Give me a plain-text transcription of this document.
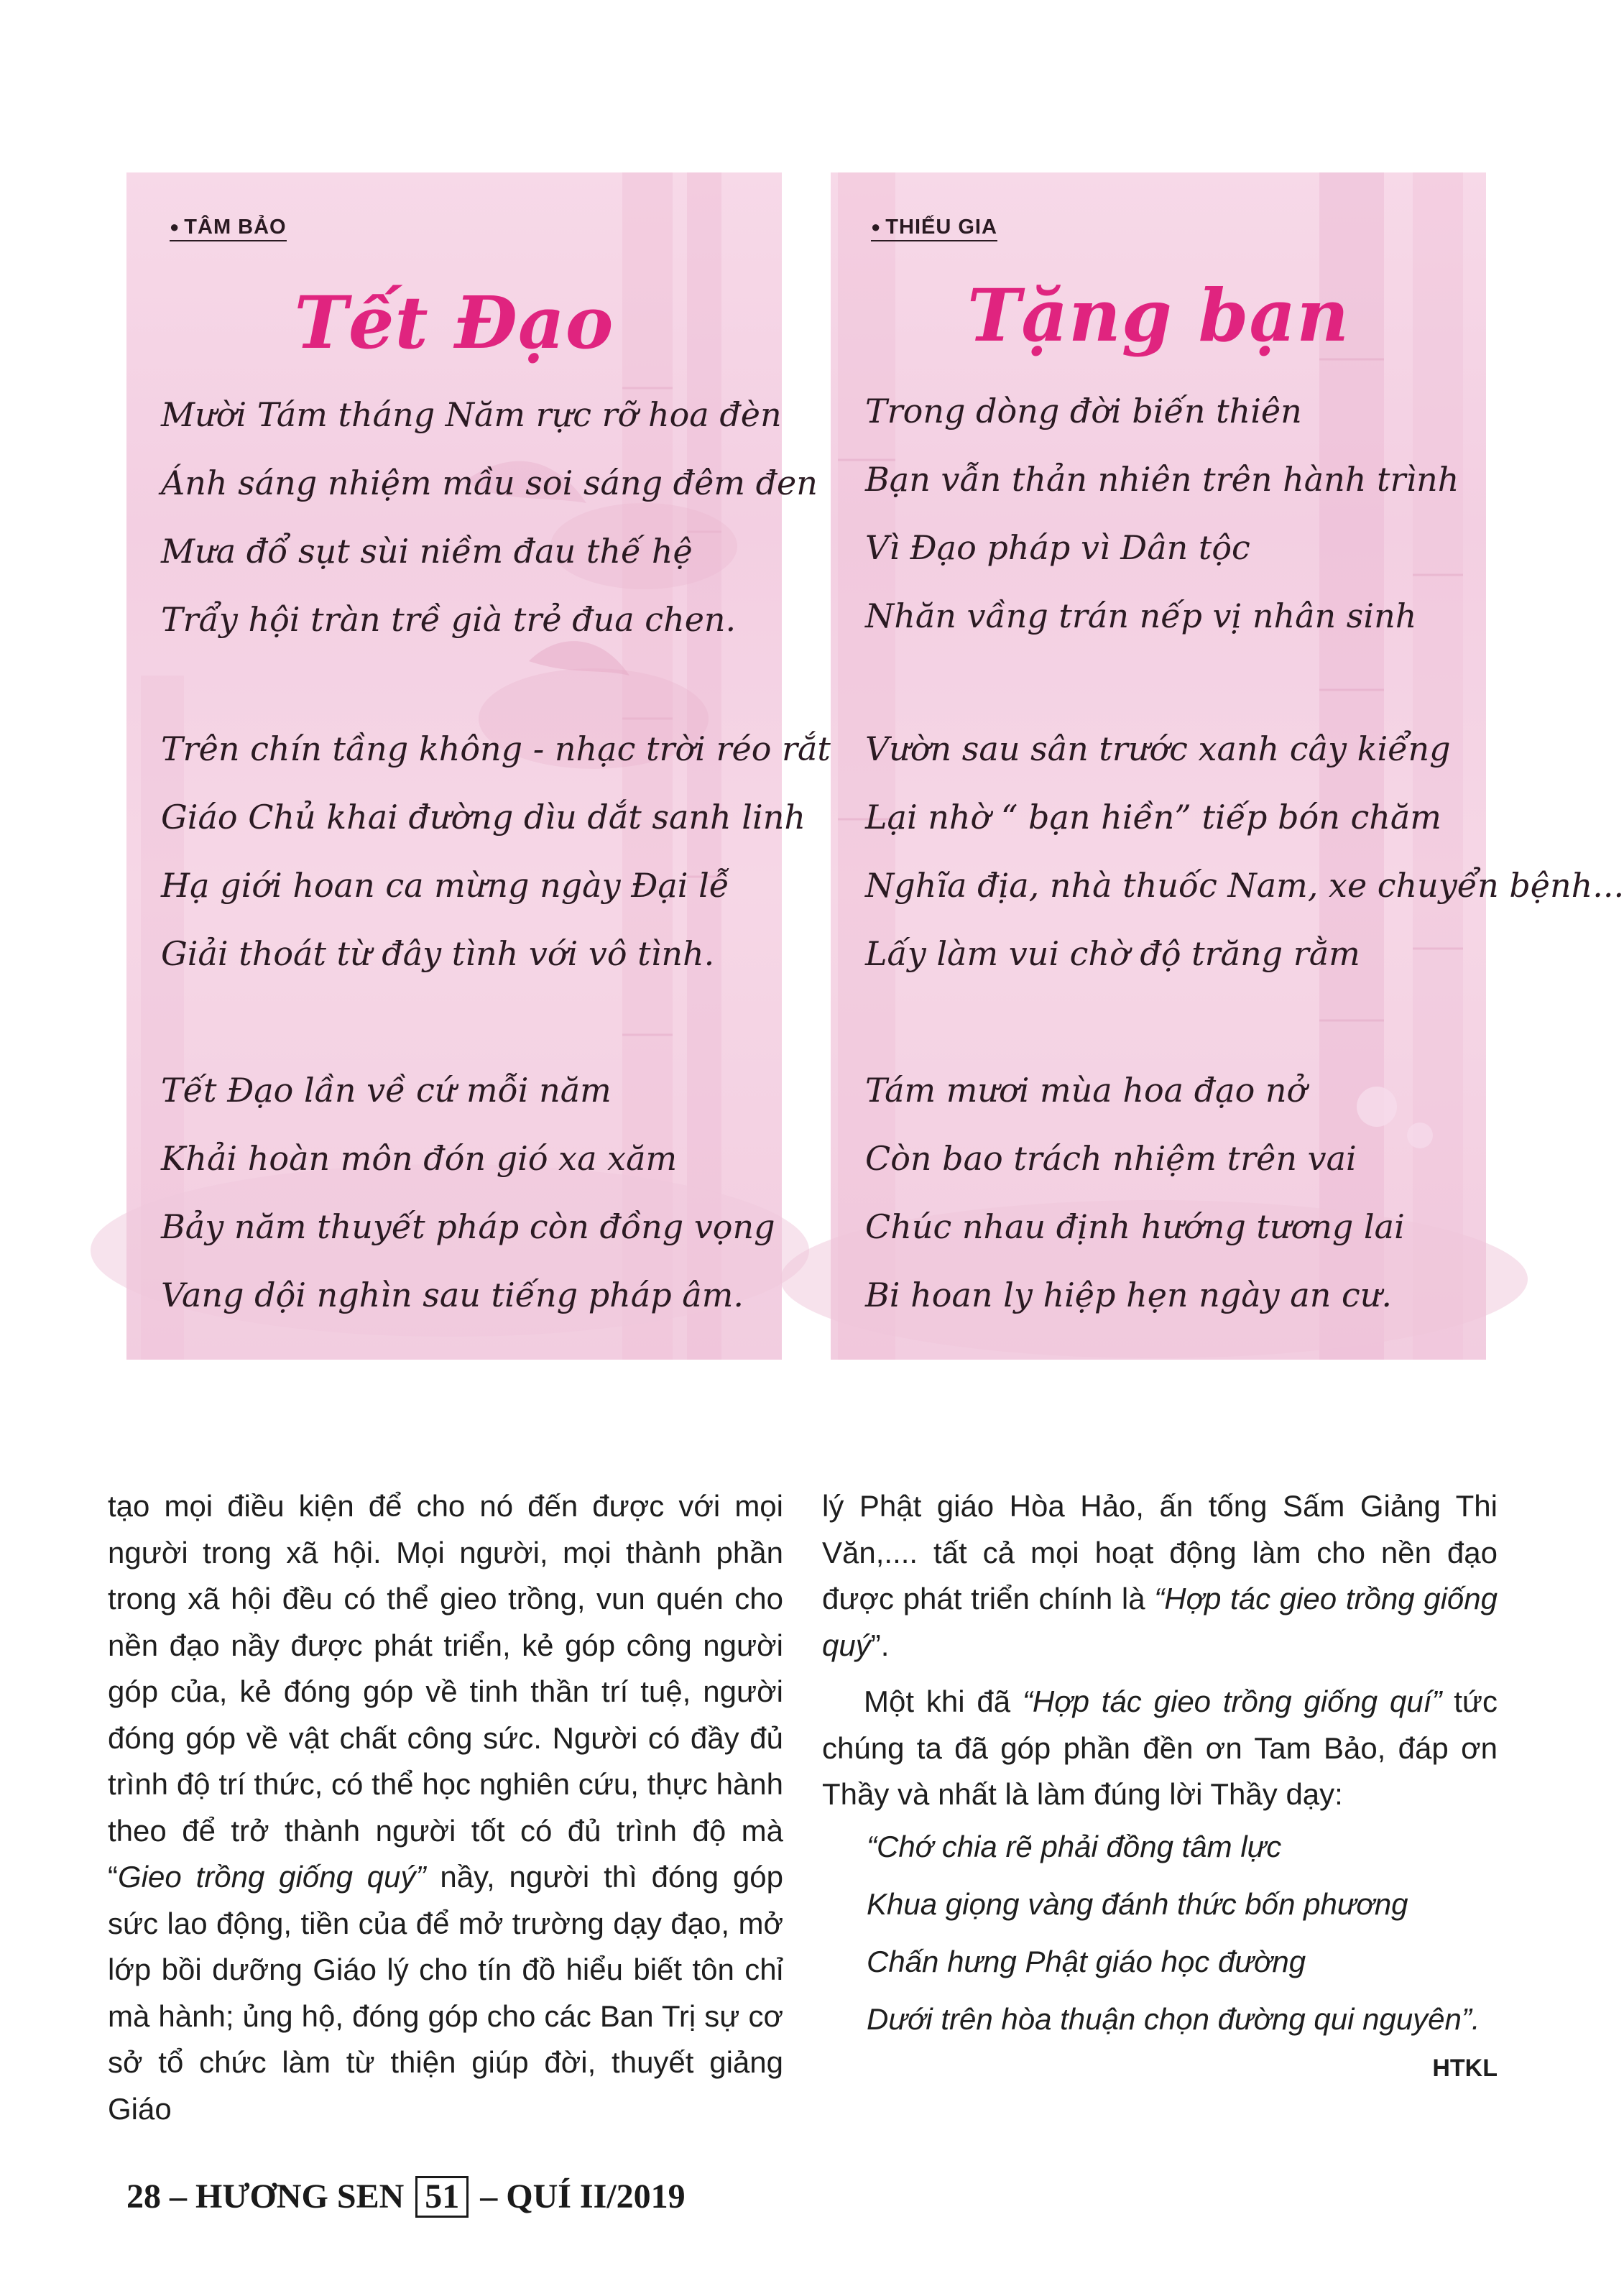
● TÂM BẢO
Tết Đạo
Mười Tám tháng Năm rực rỡ hoa đèn
Ánh sáng nhiệm mầu soi sáng đêm đen
Mưa đổ sụt sùi niềm đau thế hệ
Trẩy hội tràn trề già trẻ đua chen.
Trên chín tầng không - nhạc trời réo rắt
Giáo Chủ khai đường dìu dắt sanh linh
Hạ giới hoan ca mừng ngày Đại lễ
Giải thoát từ đây tình với vô tình.
Tết Đạo lần về cứ mỗi năm
Khải hoàn môn đón gió xa xăm
Bảy năm thuyết pháp còn đồng vọng
Vang dội nghìn sau tiếng pháp âm.
● THIẾU GIA
Tặng bạn
Trong dòng đời biến thiên
Bạn vẫn thản nhiên trên hành trình
Vì Đạo pháp vì Dân tộc
Nhăn vầng trán nếp vị nhân sinh
Vườn sau sân trước xanh cây kiểng
Lại nhờ “ bạn hiền” tiếp bón chăm
Nghĩa địa, nhà thuốc Nam, xe chuyển bệnh...
Lấy làm vui chờ độ trăng rằm
Tám mươi mùa hoa đạo nở
Còn bao trách nhiệm trên vai
Chúc nhau định hướng tương lai
Bi hoan ly hiệp hẹn ngày an cư.

tạo mọi điều kiện để cho nó đến được với mọi người trong xã hội. Mọi người, mọi thành phần trong xã hội đều có thể gieo trồng, vun quén cho nền đạo nầy được phát triển, kẻ góp công người góp của, kẻ đóng góp về tinh thần trí tuệ, người đóng góp về vật chất công sức. Người có đầy đủ trình độ trí thức, có thể học nghiên cứu, thực hành theo để trở thành người tốt có đủ trình độ mà “Gieo trồng giống quý” nầy, người thì đóng góp sức lao động, tiền của để mở trường dạy đạo, mở lớp bồi dưỡng Giáo lý cho tín đồ hiểu biết tôn chỉ mà hành; ủng hộ, đóng góp cho các Ban Trị sự cơ sở tổ chức làm từ thiện giúp đời, thuyết giảng Giáo

lý Phật giáo Hòa Hảo, ấn tống Sấm Giảng Thi Văn,.... tất cả mọi hoạt động làm cho nền đạo được phát triển chính là “Hợp tác gieo trồng giống quý”.

Một khi đã “Hợp tác gieo trồng giống quí” tức chúng ta đã góp phần đền ơn Tam Bảo, đáp ơn Thầy và nhất là làm đúng lời Thầy dạy:

“Chớ chia rẽ phải đồng tâm lực

Khua giọng vàng đánh thức bốn phương

Chấn hưng Phật giáo học đường

Dưới trên hòa thuận chọn đường qui nguyên”.

HTKL
28 – HƯƠNG SEN 51 – QUÍ II/2019
